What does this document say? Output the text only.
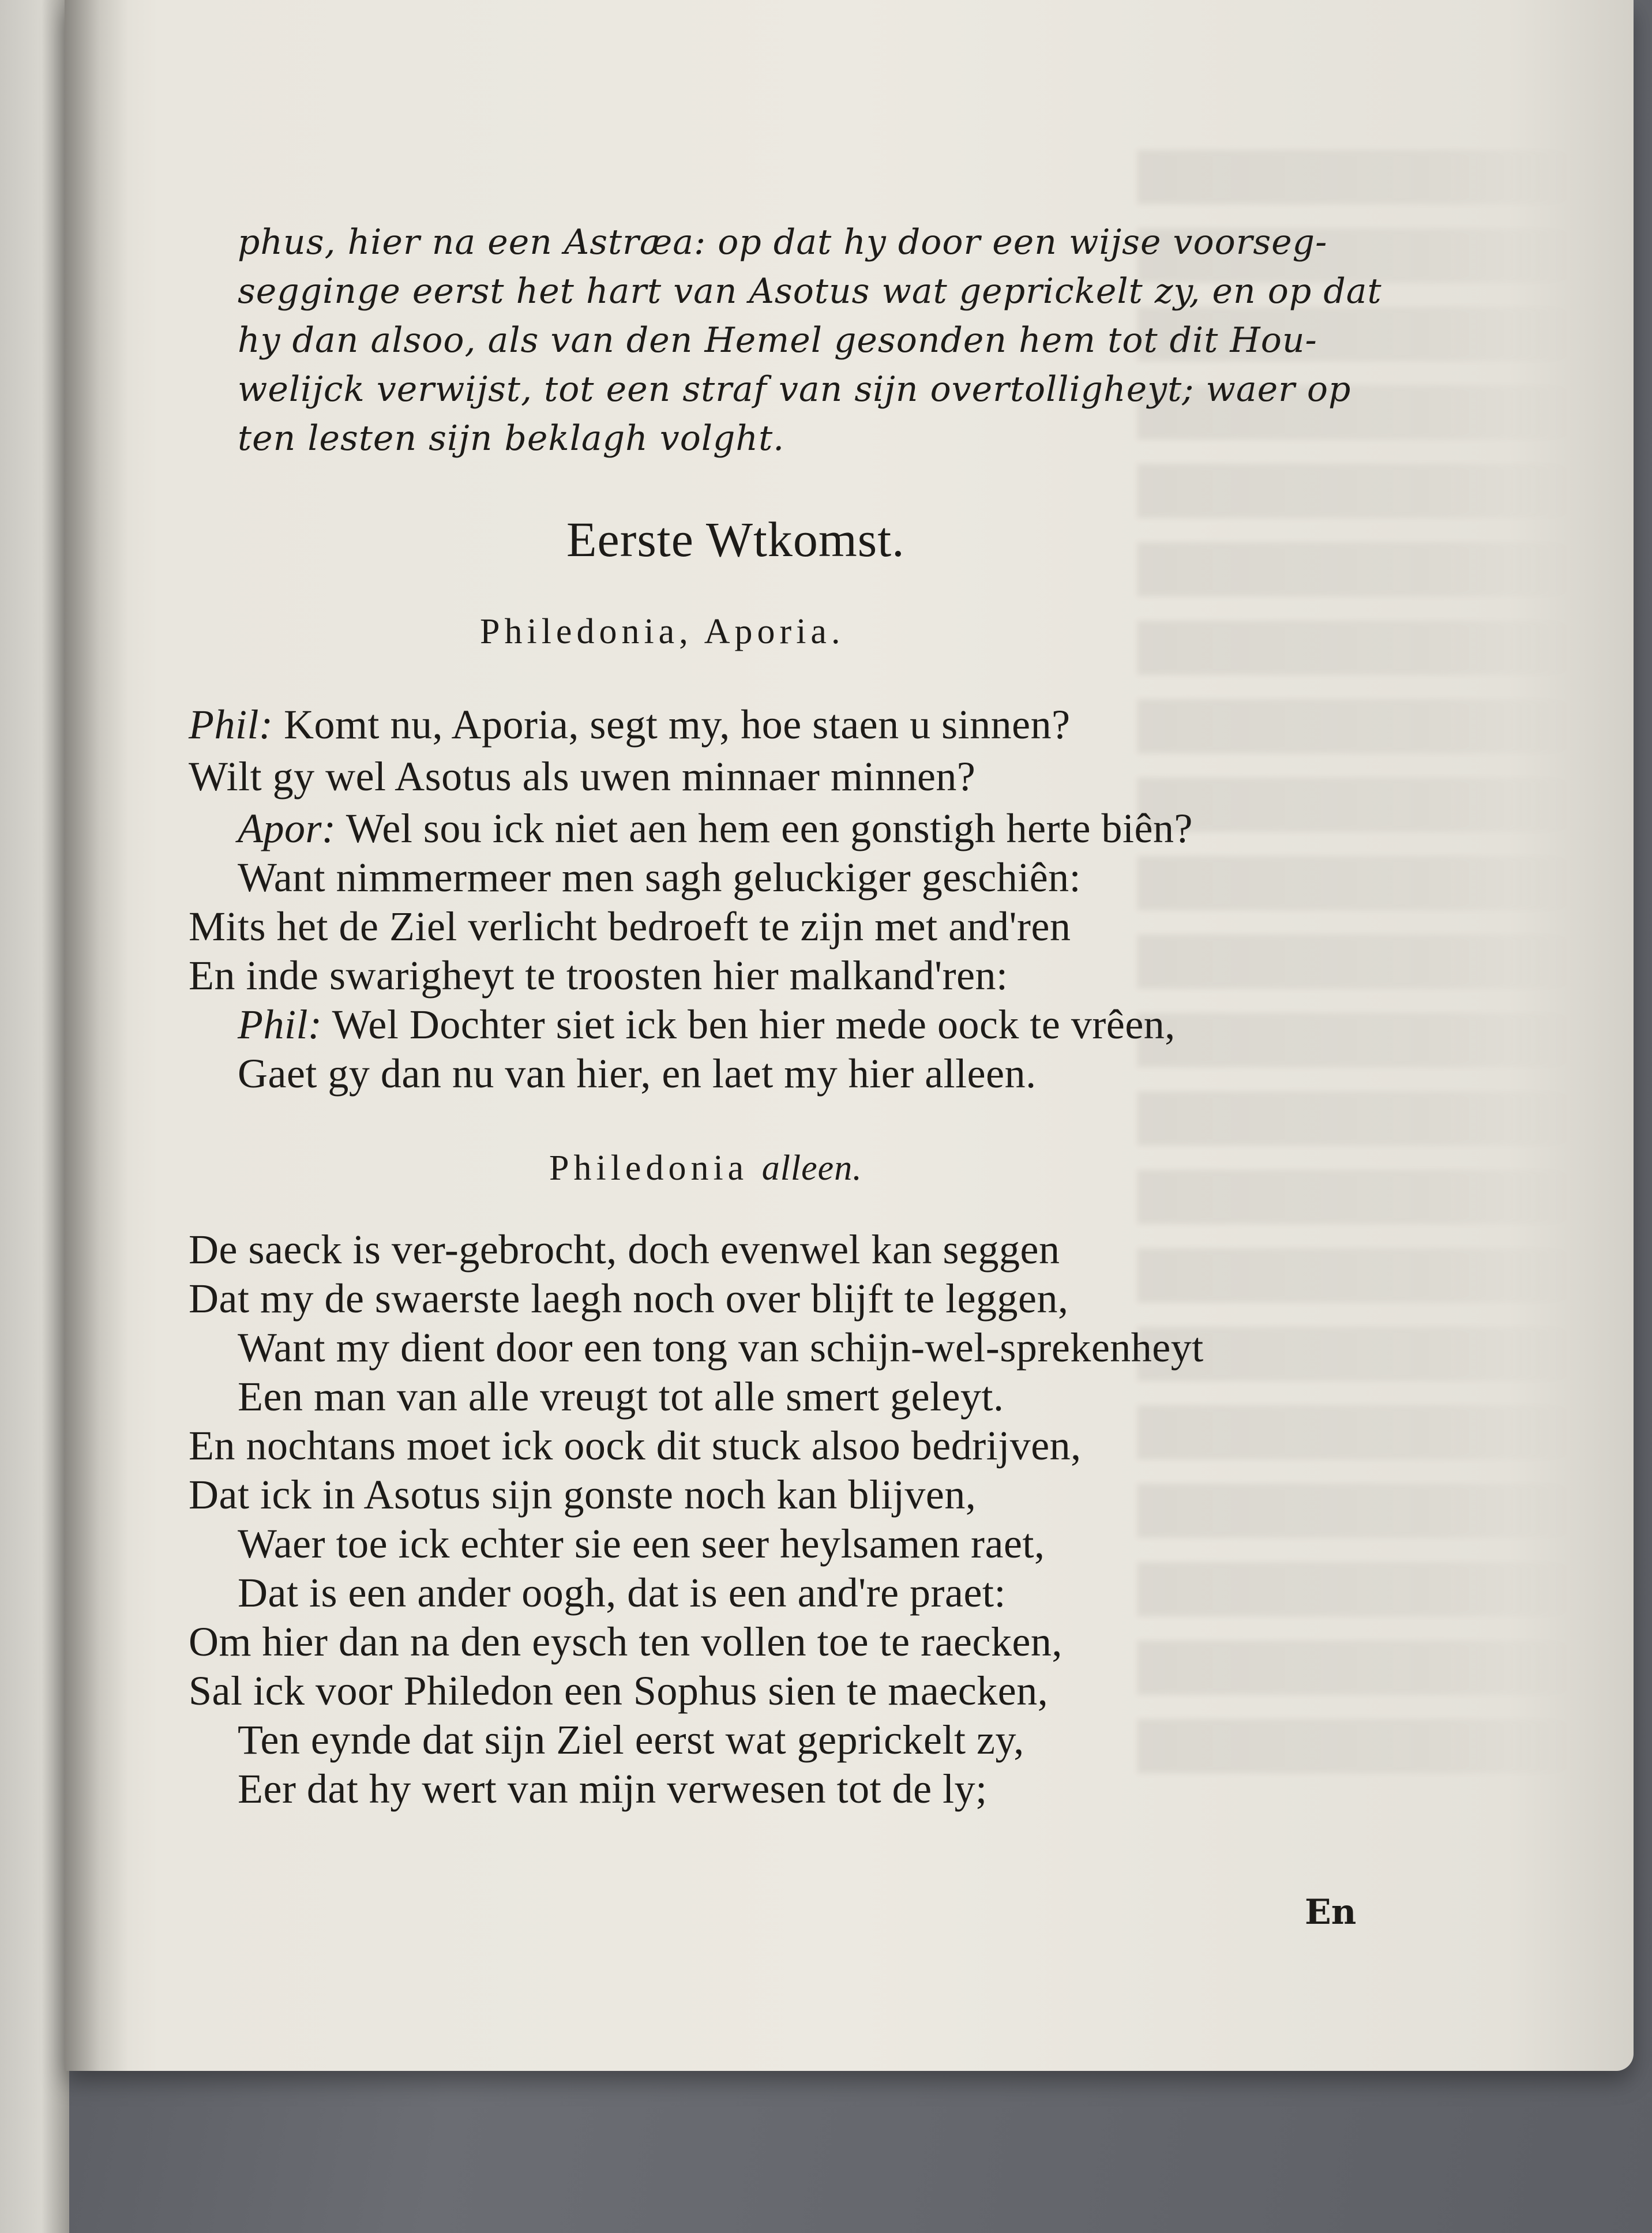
phus, hier na een Astræa: op dat hy door een wijse voorseg-
segginge eerst het hart van Asotus wat geprickelt zy, en op dat
hy dan alsoo, als van den Hemel gesonden hem tot dit Hou-
welijck verwijst, tot een straf van sijn overtolligheyt; waer op
ten lesten sijn beklagh volght.
Eerste Wtkomst.
Philedonia, Aporia.
Phil: Komt nu, Aporia, segt my, hoe staen u sinnen?
Wilt gy wel Asotus als uwen minnaer minnen?
Apor: Wel sou ick niet aen hem een gonstigh herte biên?
Want nimmermeer men sagh geluckiger geschiên:
Mits het de Ziel verlicht bedroeft te zijn met and'ren
En inde swarigheyt te troosten hier malkand'ren:
Phil: Wel Dochter siet ick ben hier mede oock te vrêen,
Gaet gy dan nu van hier, en laet my hier alleen.
Philedonia alleen.
De saeck is ver-gebrocht, doch evenwel kan seggen
Dat my de swaerste laegh noch over blijft te leggen,
Want my dient door een tong van schijn-wel-sprekenheyt
Een man van alle vreugt tot alle smert geleyt.
En nochtans moet ick oock dit stuck alsoo bedrijven,
Dat ick in Asotus sijn gonste noch kan blijven,
Waer toe ick echter sie een seer heylsamen raet,
Dat is een ander oogh, dat is een and're praet:
Om hier dan na den eysch ten vollen toe te raecken,
Sal ick voor Philedon een Sophus sien te maecken,
Ten eynde dat sijn Ziel eerst wat geprickelt zy,
Eer dat hy wert van mijn verwesen tot de ly;
En
